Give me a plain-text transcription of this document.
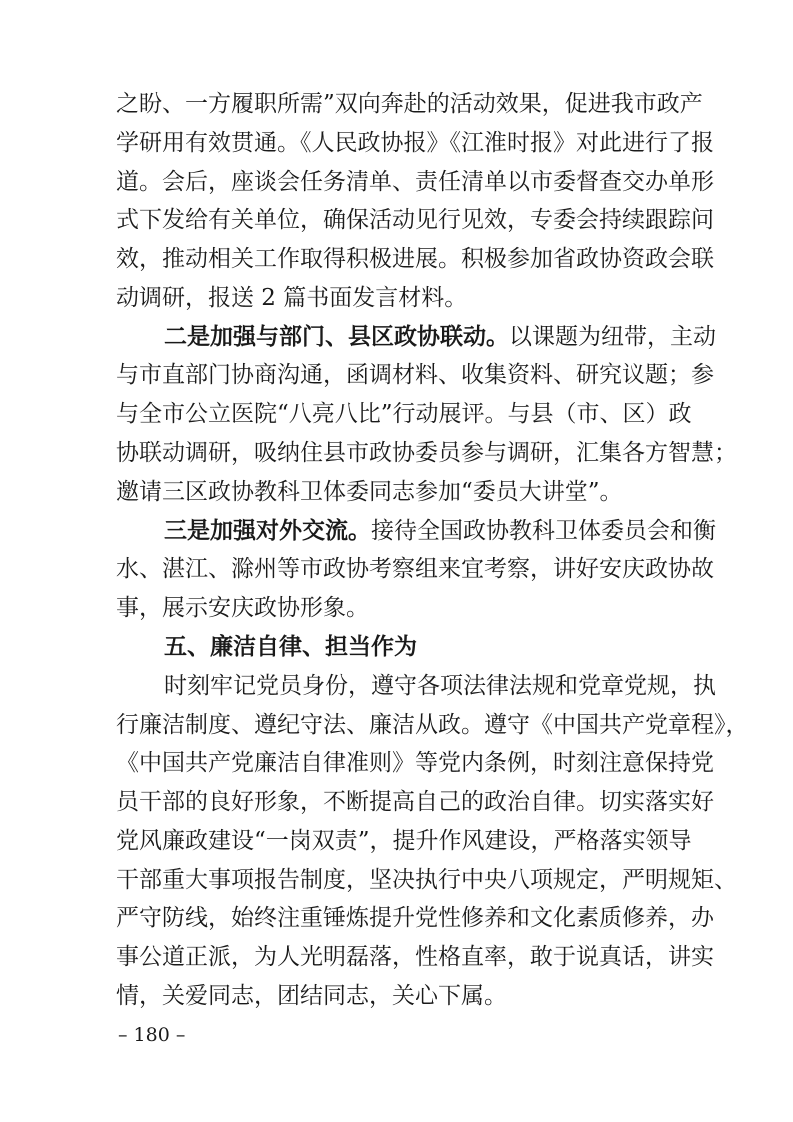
之盼、一方履职所需”双向奔赴的活动效果，促进我市政产
学研用有效贯通。《人民政协报》《江淮时报》对此进行了报
道。会后，座谈会任务清单、责任清单以市委督查交办单形
式下发给有关单位，确保活动见行见效，专委会持续跟踪问
效，推动相关工作取得积极进展。积极参加省政协资政会联
动调研，报送 2 篇书面发言材料。
二是加强与部门、县区政协联动。以课题为纽带，主动
与市直部门协商沟通，函调材料、收集资料、研究议题；参
与全市公立医院“八亮八比”行动展评。与县（市、区）政
协联动调研，吸纳住县市政协委员参与调研，汇集各方智慧；
邀请三区政协教科卫体委同志参加“委员大讲堂”。
三是加强对外交流。接待全国政协教科卫体委员会和衡
水、湛江、滁州等市政协考察组来宜考察，讲好安庆政协故
事，展示安庆政协形象。
五、廉洁自律、担当作为
时刻牢记党员身份，遵守各项法律法规和党章党规，执
行廉洁制度、遵纪守法、廉洁从政。遵守《中国共产党章程》，
《中国共产党廉洁自律准则》等党内条例，时刻注意保持党
员干部的良好形象，不断提高自己的政治自律。切实落实好
党风廉政建设“一岗双责”，提升作风建设，严格落实领导
干部重大事项报告制度，坚决执行中央八项规定，严明规矩、
严守防线，始终注重锤炼提升党性修养和文化素质修养，办
事公道正派，为人光明磊落，性格直率，敢于说真话，讲实
情，关爱同志，团结同志，关心下属。
– 180 –
